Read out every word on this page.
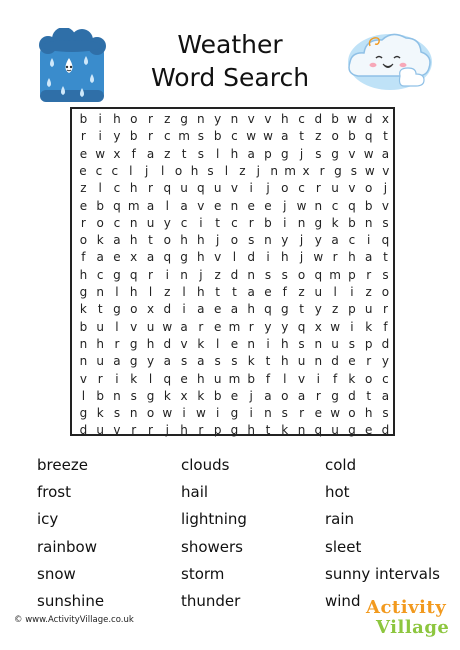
Weather
Word Search
b i h o r z g n y n v v h c d b w d x
r	i y b r c m s b c w w a t z o b q t
e w x f a z t s l h a p g j s g v w a
e c c l	j	l o h s l z j n m x r g s w v
z l c h r q u q u v i	j o c r u v o j
e b q m a l a v e n e e j w n c q b v
r o c n u y c i	t c r b i n g k b n s
o k a h t o h h j o s n y j y a c i q
f a e x a q g h v l d i h j w r h a t
h c g q r	i n j z d n s s o q m p r s
g n l h l z l h t	t a e f z u l	i z o
k t g o x d i a e a h q g t y z p u r
b u l v u w a r e m r y y q x w i k f
n h r g h d v k l e n i h s n u s p d
n u a g y a s a s s k t h u n d e r y
v r	i k l q e h u m b f	l v i	f k o c
l b n s g k x k b e j a o a r g d t a
g k s n o w i w i g i n s r e w o h s
d u v r r	j h r p g h t k n q u g e d
breeze	clouds	cold
frost	hail	hot
icy	lightning	rain
rainbow	showers	sleet
snow	storm	sunny intervals
sunshine	thunder	wind
© www.ActivityVillage.co.uk
Activity
Village
